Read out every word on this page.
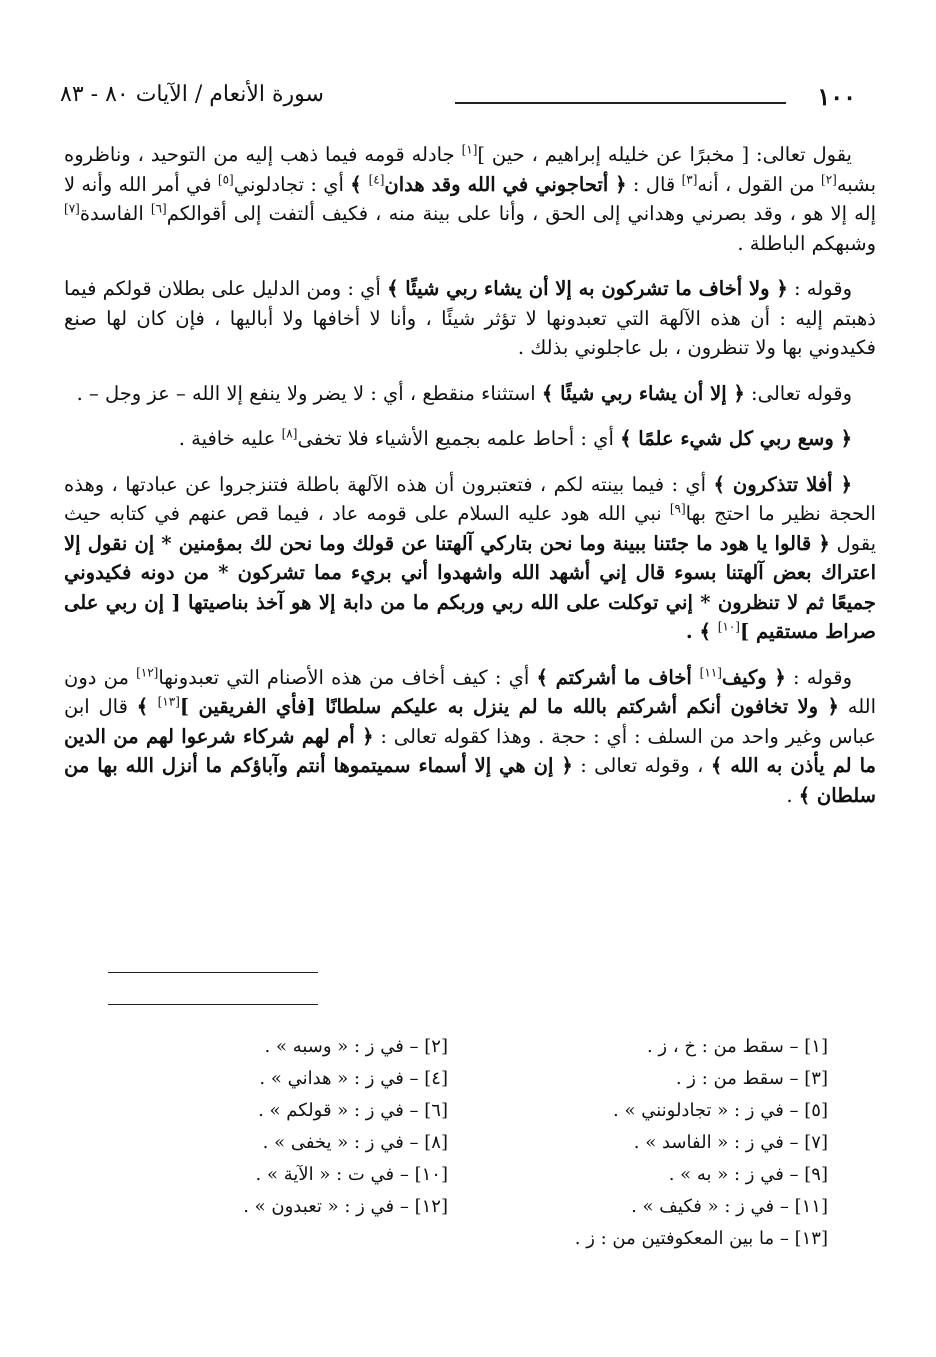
١٠٠
سورة الأنعام / الآيات ٨٠ - ٨٣

يقول تعالى: [ مخبرًا عن خليله إبراهيم ، حين ][١] جادله قومه فيما ذهب إليه من التوحيد ، وناظروه بشبه[٢] من القول ، أنه[٣] قال : ﴿ أتحاجوني في الله وقد هدان[٤] ﴾ أي : تجادلوني[٥] في أمر الله وأنه لا إله إلا هو ، وقد بصرني وهداني إلى الحق ، وأنا على بينة منه ، فكيف ألتفت إلى أقوالكم[٦] الفاسدة[٧] وشبهكم الباطلة .

وقوله : ﴿ ولا أخاف ما تشركون به إلا أن يشاء ربي شيئًا ﴾ أي : ومن الدليل على بطلان قولكم فيما ذهبتم إليه : أن هذه الآلهة التي تعبدونها لا تؤثر شيئًا ، وأنا لا أخافها ولا أباليها ، فإن كان لها صنع فكيدوني بها ولا تنظرون ، بل عاجلوني بذلك .

وقوله تعالى: ﴿ إلا أن يشاء ربي شيئًا ﴾ استثناء منقطع ، أي : لا يضر ولا ينفع إلا الله – عز وجل – .

﴿ وسع ربي كل شيء علمًا ﴾ أي : أحاط علمه بجميع الأشياء فلا تخفى[٨] عليه خافية .

﴿ أفلا تتذكرون ﴾ أي : فيما بينته لكم ، فتعتبرون أن هذه الآلهة باطلة فتنزجروا عن عبادتها ، وهذه الحجة نظير ما احتج بها[٩] نبي الله هود عليه السلام على قومه عاد ، فيما قص عنهم في كتابه حيث يقول ﴿ قالوا يا هود ما جئتنا ببينة وما نحن بتاركي آلهتنا عن قولك وما نحن لك بمؤمنين * إن نقول إلا اعتراك بعض آلهتنا بسوء قال إني أشهد الله واشهدوا أني بريء مما تشركون * من دونه فكيدوني جميعًا ثم لا تنظرون * إني توكلت على الله ربي وربكم ما من دابة إلا هو آخذ بناصيتها [ إن ربي على صراط مستقيم ][١٠] ﴾ .

وقوله : ﴿ وكيف[١١] أخاف ما أشركتم ﴾ أي : كيف أخاف من هذه الأصنام التي تعبدونها[١٢] من دون الله ﴿ ولا تخافون أنكم أشركتم بالله ما لم ينزل به عليكم سلطانًا [فأي الفريقين ][١٣] ﴾ قال ابن عباس وغير واحد من السلف : أي : حجة . وهذا كقوله تعالى : ﴿ أم لهم شركاء شرعوا لهم من الدين ما لم يأذن به الله ﴾ ، وقوله تعالى : ﴿ إن هي إلا أسماء سميتموها أنتم وآباؤكم ما أنزل الله بها من سلطان ﴾ .

[١] – سقط من : خ ، ز .
[٢] – في ز : « وسبه » .
[٣] – سقط من : ز .
[٤] – في ز : « هداني » .
[٥] – في ز : « تجادلونني » .
[٦] – في ز : « قولكم » .
[٧] – في ز : « الفاسد » .
[٨] – في ز : « يخفى » .
[٩] – في ز : « به » .
[١٠] – في ت : « الآية » .
[١١] – في ز : « فكيف » .
[١٢] – في ز : « تعبدون » .
[١٣] – ما بين المعكوفتين من : ز .
